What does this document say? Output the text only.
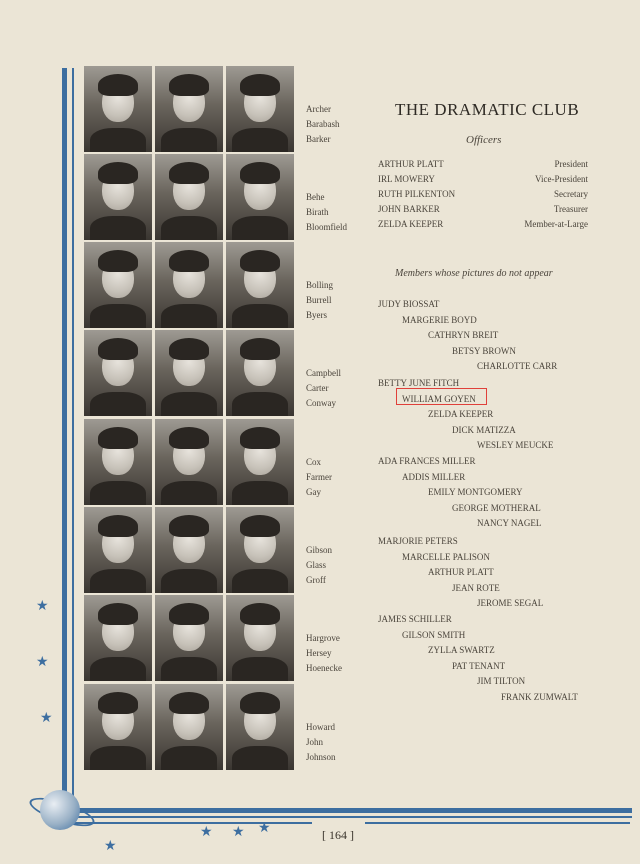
★
★
★
★ ★ ★
★
Archer
Barabash
Barker
Behe
Birath
Bloomfield
Bolling
Burrell
Byers
Campbell
Carter
Conway
Cox
Farmer
Gay
Gibson
Glass
Groff
Hargrove
Hersey
Hoenecke
Howard
John
Johnson
THE DRAMATIC CLUB
Officers
ARTHUR PLATT	President
IRL MOWERY	Vice-President
RUTH PILKENTON	Secretary
JOHN BARKER	Treasurer
ZELDA KEEPER	Member-at-Large
Members whose pictures do not appear
JUDY BIOSSAT
MARGERIE BOYD
CATHRYN BREIT
BETSY BROWN
CHARLOTTE CARR
BETTY JUNE FITCH
WILLIAM GOYEN
ZELDA KEEPER
DICK MATIZZA
WESLEY MEUCKE
ADA FRANCES MILLER
ADDIS MILLER
EMILY MONTGOMERY
GEORGE MOTHERAL
NANCY NAGEL
MARJORIE PETERS
MARCELLE PALISON
ARTHUR PLATT
JEAN ROTE
JEROME SEGAL
JAMES SCHILLER
GILSON SMITH
ZYLLA SWARTZ
PAT TENANT
JIM TILTON
FRANK ZUMWALT
[ 164 ]
